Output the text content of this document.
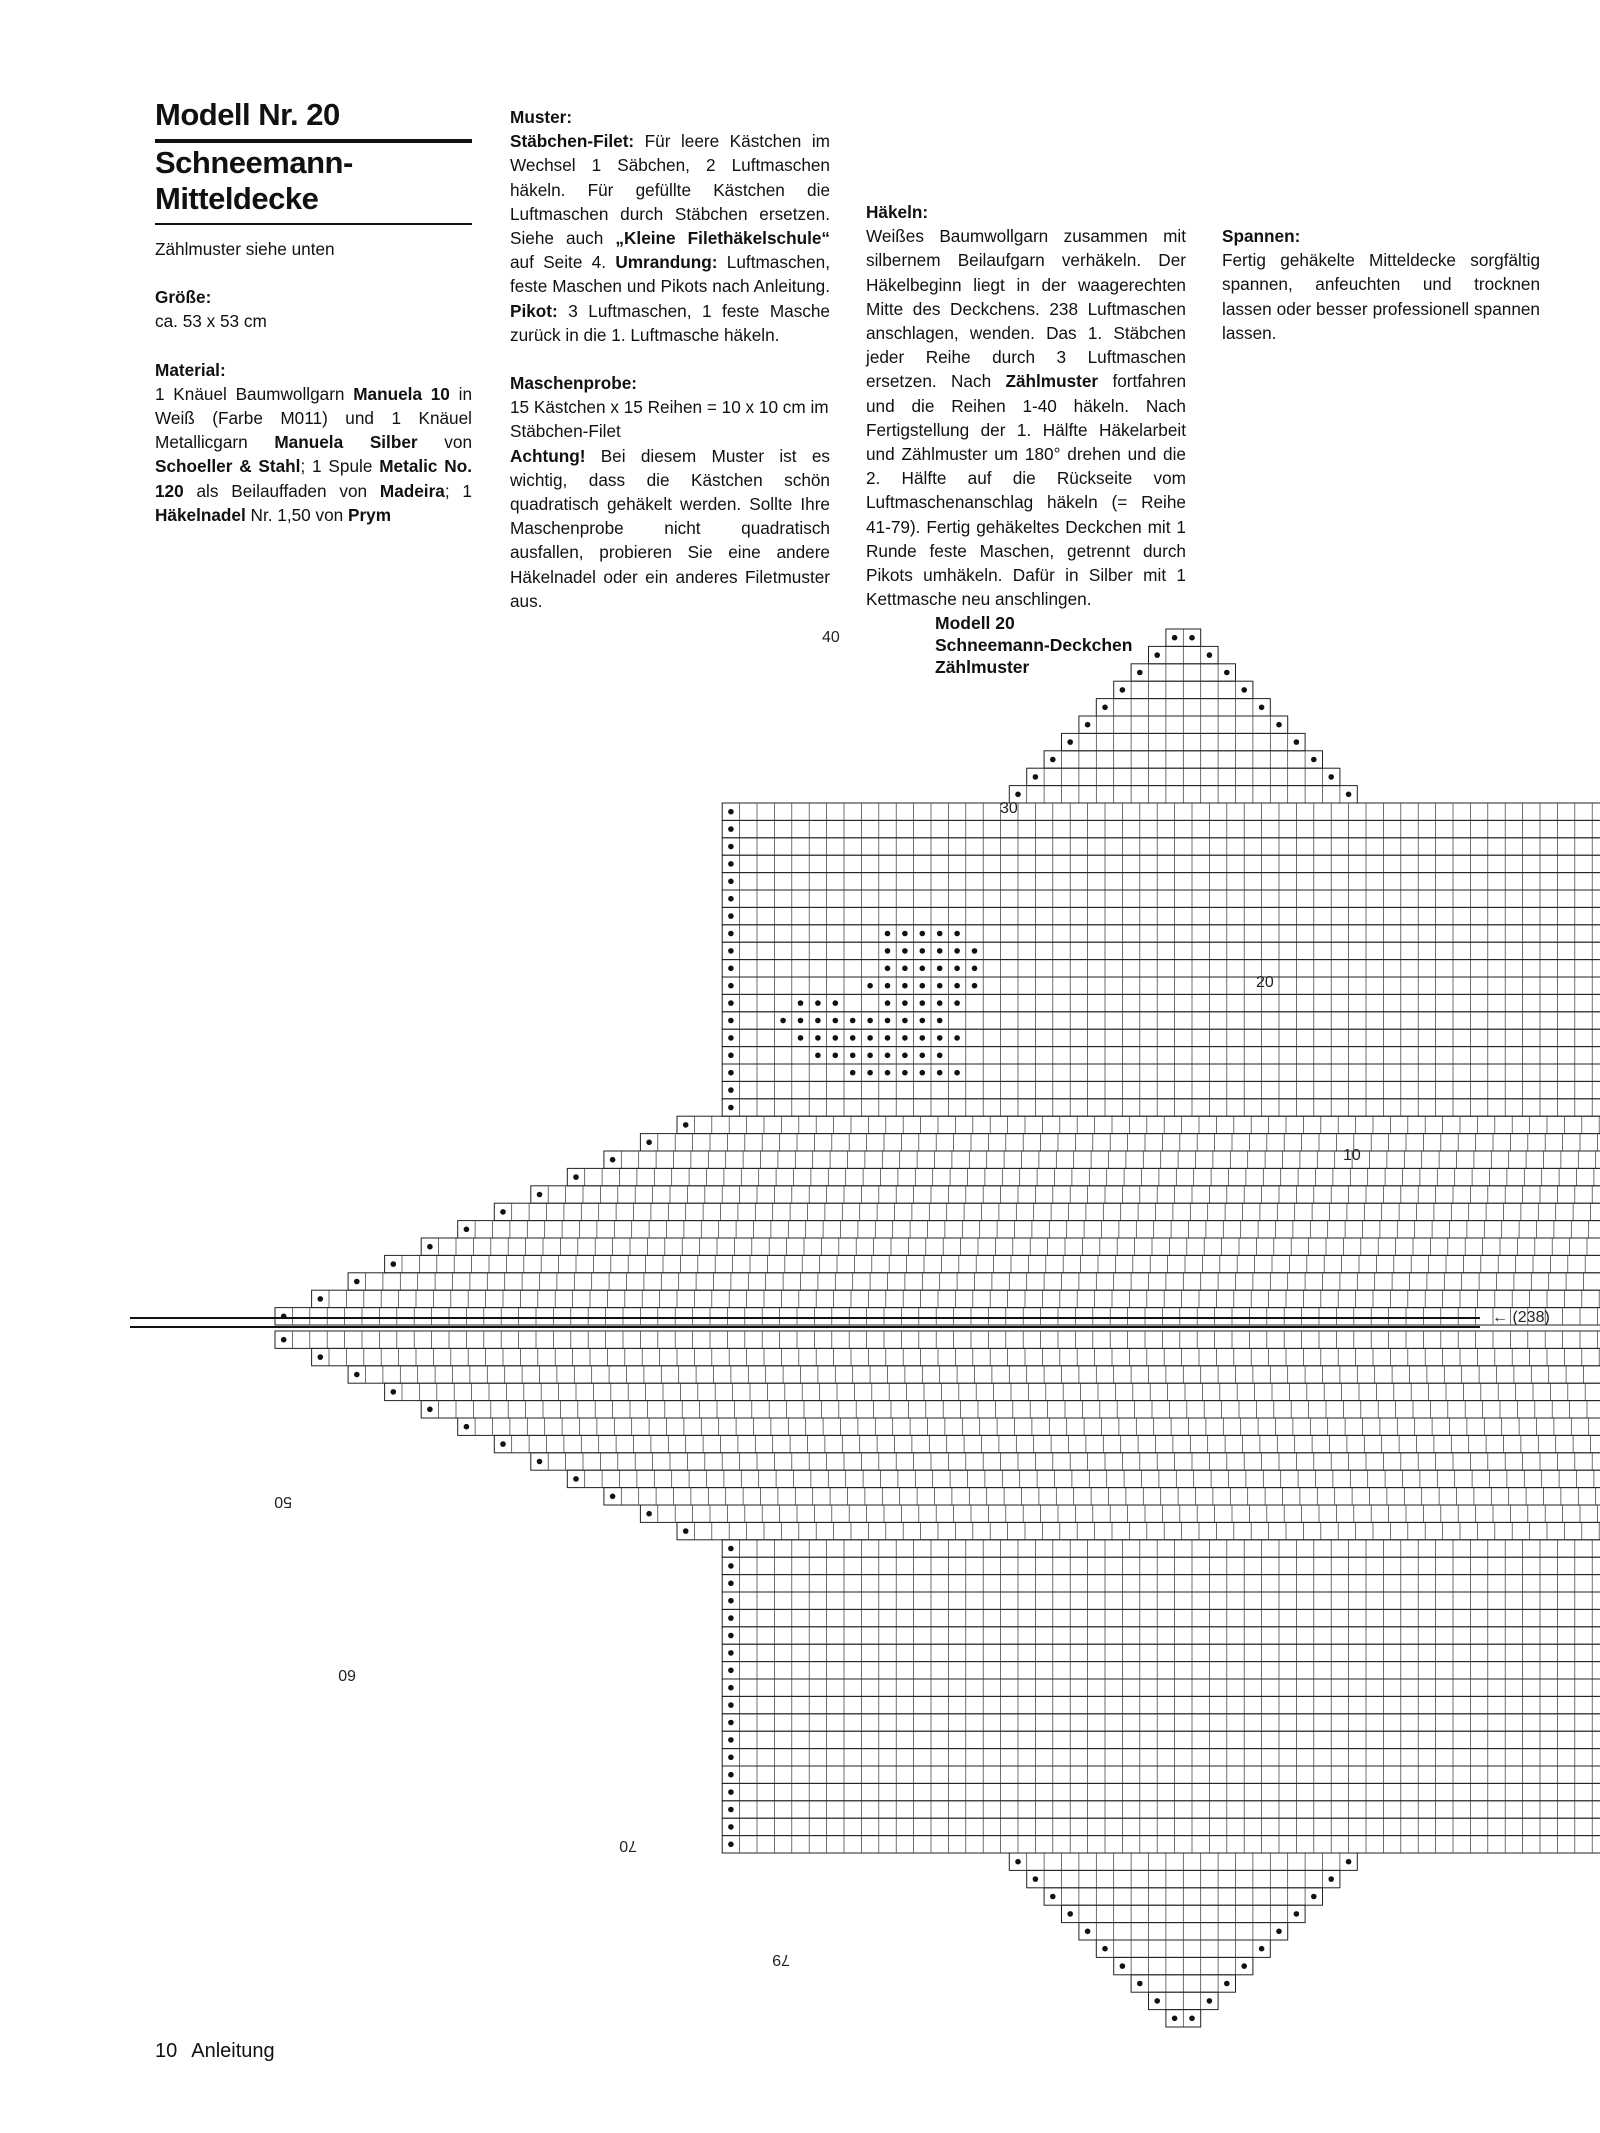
Modell Nr. 20
Schneemann-
Mitteldecke

Zählmuster siehe unten

Größe:

ca. 53 x 53 cm

Material:

1 Knäuel Baumwollgarn Manuela 10 in Weiß (Farbe M011) und 1 Knäuel Metallicgarn Manuela Silber von Schoeller & Stahl; 1 Spule Metalic No. 120 als Beilauffaden von Madeira; 1 Häkelnadel Nr. 1,50 von Prym

Muster:

Stäbchen-Filet: Für leere Kästchen im Wechsel 1 Säbchen, 2 Luftmaschen häkeln. Für gefüllte Kästchen die Luftmaschen durch Stäbchen ersetzen. Siehe auch „Kleine Filethäkelschule“ auf Seite 4. Umrandung: Luftmaschen, feste Maschen und Pikots nach Anleitung. Pikot: 3 Luftmaschen, 1 feste Masche zurück in die 1. Luftmasche häkeln.

Maschenprobe:

15 Kästchen x 15 Reihen = 10 x 10 cm im Stäbchen-Filet

Achtung! Bei diesem Muster ist es wichtig, dass die Kästchen schön quadratisch gehäkelt werden. Sollte Ihre Maschenprobe nicht quadratisch ausfallen, probieren Sie eine andere Häkelnadel oder ein anderes Filetmuster aus.

Häkeln:

Weißes Baumwollgarn zusammen mit silbernem Beilaufgarn verhäkeln. Der Häkelbeginn liegt in der waagerechten Mitte des Deckchens. 238 Luftmaschen anschlagen, wenden. Das 1. Stäbchen jeder Reihe durch 3 Luftmaschen ersetzen. Nach Zählmuster fortfahren und die Reihen 1-40 häkeln. Nach Fertigstellung der 1. Hälfte Häkelarbeit und Zählmuster um 180° drehen und die 2. Hälfte auf die Rückseite vom Luftmaschenanschlag häkeln (= Reihe 41-79). Fertig gehäkeltes Deckchen mit 1 Runde feste Maschen, getrennt durch Pikots umhäkeln. Dafür in Silber mit 1 Kettmasche neu anschlingen.

Spannen:

Fertig gehäkelte Mitteldecke sorgfältig spannen, anfeuchten und trocknen lassen oder besser professionell spannen lassen.

Modell 20
Schneemann-Deckchen
Zählmuster
40
30
20
10
← (238)
50
60
70
79
10 Anleitung
